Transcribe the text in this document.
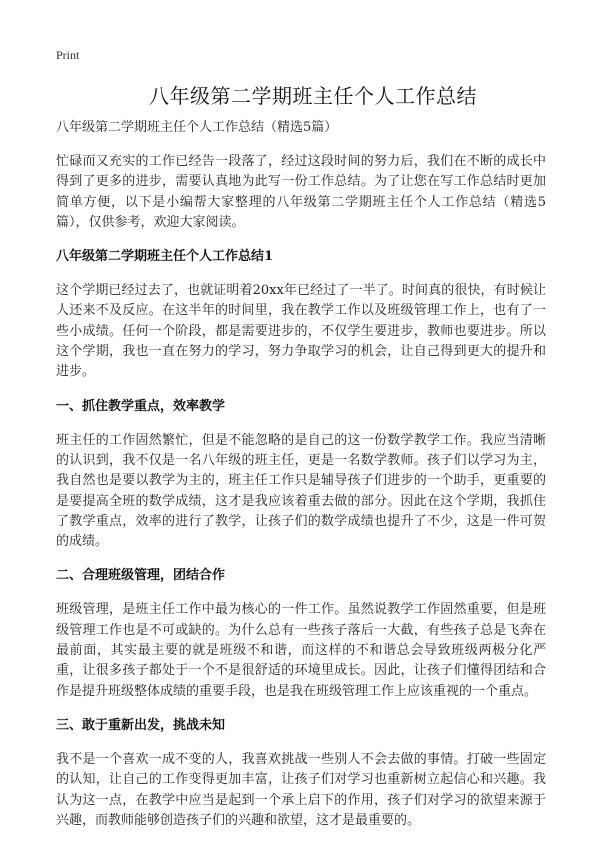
Print
八年级第二学期班主任个人工作总结

八年级第二学期班主任个人工作总结（精选5篇）

忙碌而又充实的工作已经告一段落了，经过这段时间的努力后，我们在不断的成长中得到了更多的进步，需要认真地为此写一份工作总结。为了让您在写工作总结时更加简单方便，以下是小编帮大家整理的八年级第二学期班主任个人工作总结（精选5篇），仅供参考，欢迎大家阅读。

八年级第二学期班主任个人工作总结1

这个学期已经过去了，也就证明着20xx年已经过了一半了。时间真的很快，有时候让人还来不及反应。在这半年的时间里，我在教学工作以及班级管理工作上，也有了一些小成绩。任何一个阶段，都是需要进步的，不仅学生要进步，教师也要进步。所以这个学期，我也一直在努力的学习，努力争取学习的机会，让自己得到更大的提升和进步。

一、抓住教学重点，效率教学

班主任的工作固然繁忙，但是不能忽略的是自己的这一份数学教学工作。我应当清晰的认识到，我不仅是一名八年级的班主任，更是一名数学教师。孩子们以学习为主，我自然也是要以教学为主的，班主任工作只是辅导孩子们进步的一个助手，更重要的是要提高全班的数学成绩，这才是我应该着重去做的部分。因此在这个学期，我抓住了教学重点，效率的进行了教学，让孩子们的数学成绩也提升了不少，这是一件可贺的成绩。

二、合理班级管理，团结合作

班级管理，是班主任工作中最为核心的一件工作。虽然说教学工作固然重要，但是班级管理工作也是不可或缺的。为什么总有一些孩子落后一大截，有些孩子总是飞奔在最前面，其实最主要的就是班级不和谐，而这样的不和谐总会导致班级两极分化严重，让很多孩子都处于一个不是很舒适的环境里成长。因此，让孩子们懂得团结和合作是提升班级整体成绩的重要手段，也是我在班级管理工作上应该重视的一个重点。

三、敢于重新出发，挑战未知

我不是一个喜欢一成不变的人，我喜欢挑战一些别人不会去做的事情。打破一些固定的认知，让自己的工作变得更加丰富，让孩子们对学习也重新树立起信心和兴趣。我认为这一点，在教学中应当是起到一个承上启下的作用，孩子们对学习的欲望来源于兴趣，而教师能够创造孩子们的兴趣和欲望，这才是最重要的。
